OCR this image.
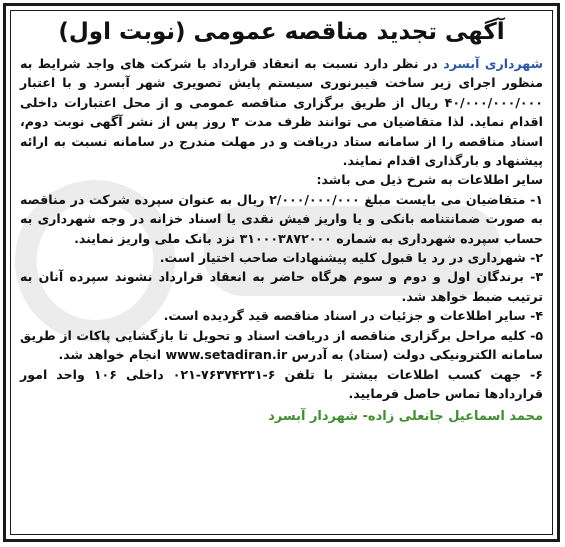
آگهی تجدید مناقصه عمومی (نوبت اول)

شهرداری آبسرد در نظر دارد نسبت به انعقاد قرارداد با شرکت های واجد شرایط به منظور اجرای زیر ساخت فیبرنوری سیستم پایش تصویری شهر آبسرد و با اعتبار ۴۰/۰۰۰/۰۰۰/۰۰۰ ریال از طریق برگزاری مناقصه عمومی و از محل اعتبارات داخلی اقدام نماید. لذا متقاضیان می توانند ظرف مدت ۳ روز پس از نشر آگهی نوبت دوم، اسناد مناقصه را از سامانه ستاد دریافت و در مهلت مندرج در سامانه نسبت به ارائه پیشنهاد و بارگذاری اقدام نمایند.

سایر اطلاعات به شرح ذیل می باشد:

۱- متقاضیان می بایست مبلغ ۲/۰۰۰/۰۰۰/۰۰۰ ریال به عنوان سپرده شرکت در مناقصه به صورت ضمانتنامه بانکی و یا واریز فیش نقدی یا اسناد خزانه در وجه شهرداری به حساب سپرده شهرداری به شماره ۳۱۰۰۰۳۸۷۲۰۰۰ نزد بانک ملی واریز نمایند.

۲- شهرداری در رد یا قبول کلیه پیشنهادات صاحب اختیار است.

۳- برندگان اول و دوم و سوم هرگاه حاضر به انعقاد قرارداد نشوند سپرده آنان به ترتیب ضبط خواهد شد.

۴- سایر اطلاعات و جزئیات در اسناد مناقصه قید گردیده است.

۵- کلیه مراحل برگزاری مناقصه از دریافت اسناد و تحویل تا بازگشایی پاکات از طریق سامانه الکترونیکی دولت (ستاد) به آدرس www.setadiran.ir انجام خواهد شد.

۶- جهت کسب اطلاعات بیشتر با تلفن ۶-۷۶۳۷۴۲۳۱-۰۲۱ داخلی ۱۰۶ واحد امور قراردادها تماس حاصل فرمایید.

محمد اسماعیل جانعلی زاده- شهردار آبسرد
